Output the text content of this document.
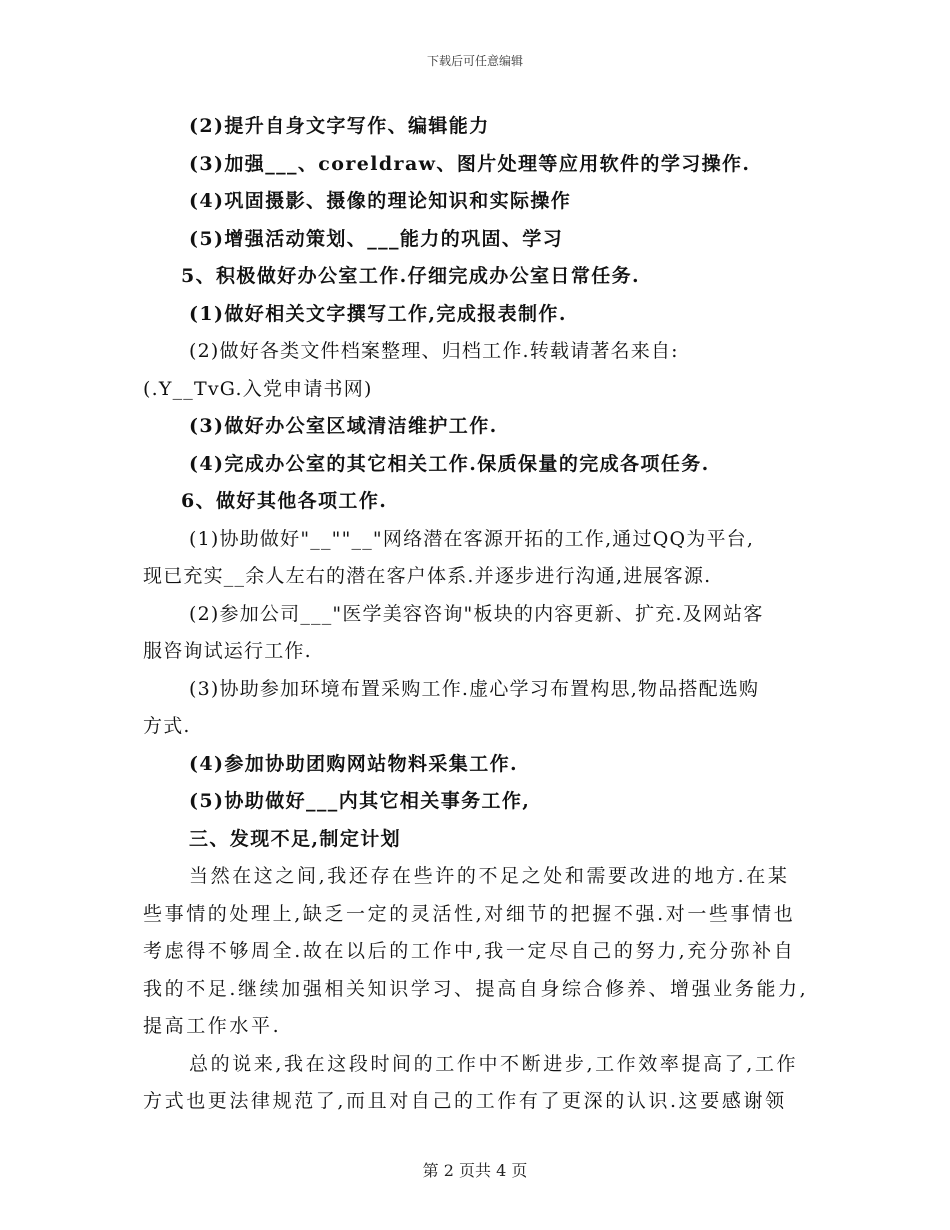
下载后可任意编辑
(2)提升自身文字写作、编辑能力
(3)加强___、coreldraw、图片处理等应用软件的学习操作.
(4)巩固摄影、摄像的理论知识和实际操作
(5)增强活动策划、___能力的巩固、学习
5、积极做好办公室工作.仔细完成办公室日常任务.
(1)做好相关文字撰写工作,完成报表制作.
(2)做好各类文件档案整理、归档工作.转载请著名来自:
(.Y__TvG.入党申请书网)
(3)做好办公室区域清洁维护工作.
(4)完成办公室的其它相关工作.保质保量的完成各项任务.
6、做好其他各项工作.
(1)协助做好"__""__"网络潜在客源开拓的工作,通过QQ为平台,
现已充实__余人左右的潜在客户体系.并逐步进行沟通,进展客源.
(2)参加公司___"医学美容咨询"板块的内容更新、扩充.及网站客
服咨询试运行工作.
(3)协助参加环境布置采购工作.虚心学习布置构思,物品搭配选购
方式.
(4)参加协助团购网站物料采集工作.
(5)协助做好___内其它相关事务工作,
三、发现不足,制定计划
当然在这之间,我还存在些许的不足之处和需要改进的地方.在某
些事情的处理上,缺乏一定的灵活性,对细节的把握不强.对一些事情也
考虑得不够周全.故在以后的工作中,我一定尽自己的努力,充分弥补自
我的不足.继续加强相关知识学习、提高自身综合修养、增强业务能力,
提高工作水平.
总的说来,我在这段时间的工作中不断进步,工作效率提高了,工作
方式也更法律规范了,而且对自己的工作有了更深的认识.这要感谢领
第 2 页共 4 页
